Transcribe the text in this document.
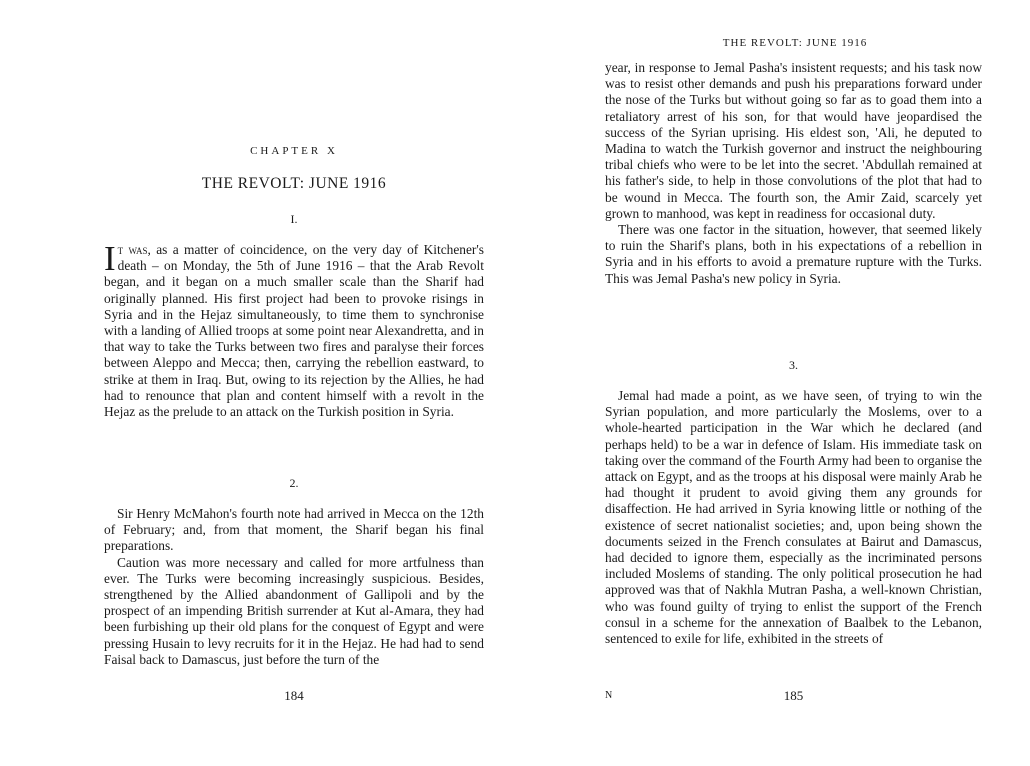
CHAPTER X
THE REVOLT: JUNE 1916
I.

It was, as a matter of coincidence, on the very day of Kitchener's death – on Monday, the 5th of June 1916 – that the Arab Revolt began, and it began on a much smaller scale than the Sharif had originally planned. His first project had been to provoke risings in Syria and in the Hejaz simultaneously, to time them to synchronise with a landing of Allied troops at some point near Alexandretta, and in that way to take the Turks between two fires and paralyse their forces between Aleppo and Mecca; then, carrying the rebellion eastward, to strike at them in Iraq. But, owing to its rejection by the Allies, he had had to renounce that plan and content himself with a revolt in the Hejaz as the prelude to an attack on the Turkish position in Syria.

2.

Sir Henry McMahon's fourth note had arrived in Mecca on the 12th of February; and, from that moment, the Sharif began his final preparations.

Caution was more necessary and called for more artfulness than ever. The Turks were becoming increasingly suspicious. Besides, strengthened by the Allied abandonment of Gallipoli and by the prospect of an impending British surrender at Kut al-Amara, they had been furbishing up their old plans for the conquest of Egypt and were pressing Husain to levy recruits for it in the Hejaz. He had had to send Faisal back to Damascus, just before the turn of the

184
THE REVOLT: JUNE 1916

year, in response to Jemal Pasha's insistent requests; and his task now was to resist other demands and push his preparations forward under the nose of the Turks but without going so far as to goad them into a retaliatory arrest of his son, for that would have jeopardised the success of the Syrian uprising. His eldest son, 'Ali, he deputed to Madina to watch the Turkish governor and instruct the neighbouring tribal chiefs who were to be let into the secret. 'Abdullah remained at his father's side, to help in those convolutions of the plot that had to be wound in Mecca. The fourth son, the Amir Zaid, scarcely yet grown to manhood, was kept in readiness for occasional duty.

There was one factor in the situation, however, that seemed likely to ruin the Sharif's plans, both in his expectations of a rebellion in Syria and in his efforts to avoid a premature rupture with the Turks. This was Jemal Pasha's new policy in Syria.

3.

Jemal had made a point, as we have seen, of trying to win the Syrian population, and more particularly the Moslems, over to a whole-hearted participation in the War which he declared (and perhaps held) to be a war in defence of Islam. His immediate task on taking over the command of the Fourth Army had been to organise the attack on Egypt, and as the troops at his disposal were mainly Arab he had thought it prudent to avoid giving them any grounds for disaffection. He had arrived in Syria knowing little or nothing of the existence of secret nationalist societies; and, upon being shown the documents seized in the French consulates at Bairut and Damascus, had decided to ignore them, especially as the incriminated persons included Moslems of standing. The only political prosecution he had approved was that of Nakhla Mutran Pasha, a well-known Christian, who was found guilty of trying to enlist the support of the French consul in a scheme for the annexation of Baalbek to the Lebanon, sentenced to exile for life, exhibited in the streets of

N	185
